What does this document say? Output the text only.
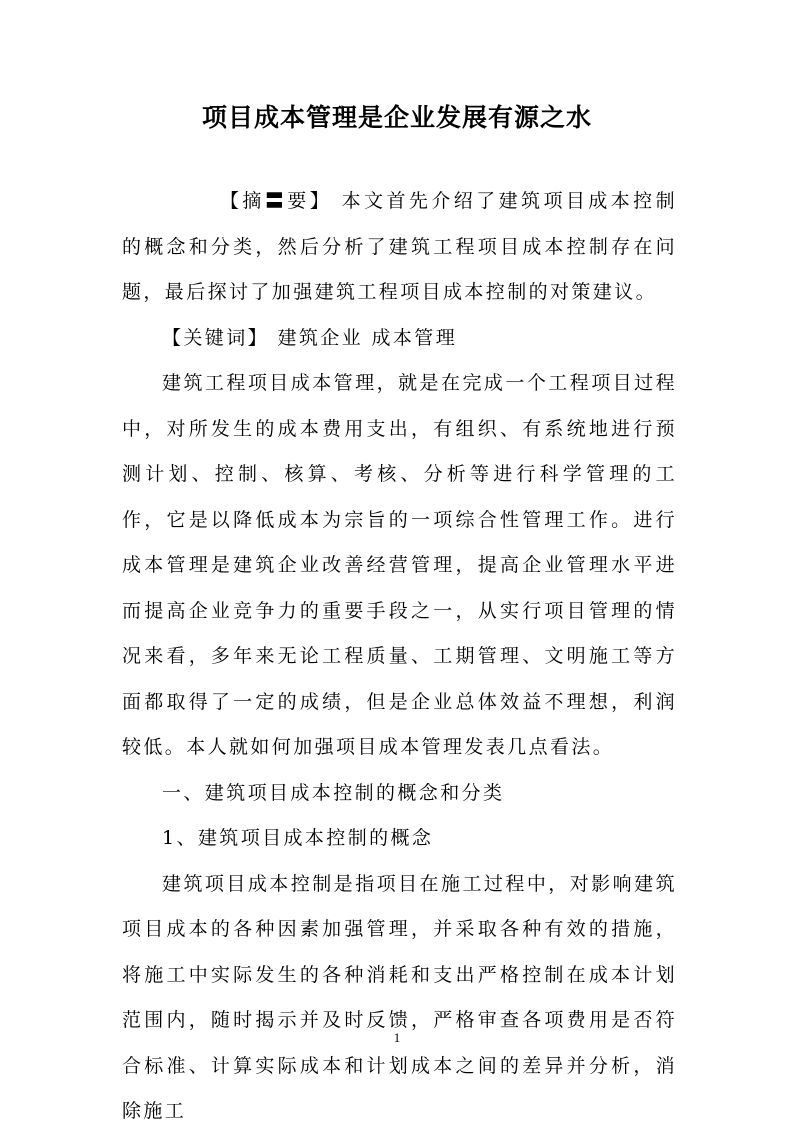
项目成本管理是企业发展有源之水

【摘〓要】 本文首先介绍了建筑项目成本控制的概念和分类，然后分析了建筑工程项目成本控制存在问题，最后探讨了加强建筑工程项目成本控制的对策建议。

【关键词】 建筑企业 成本管理

建筑工程项目成本管理，就是在完成一个工程项目过程中，对所发生的成本费用支出，有组织、有系统地进行预测计划、控制、核算、考核、分析等进行科学管理的工作，它是以降低成本为宗旨的一项综合性管理工作。进行成本管理是建筑企业改善经营管理，提高企业管理水平进而提高企业竞争力的重要手段之一，从实行项目管理的情况来看，多年来无论工程质量、工期管理、文明施工等方面都取得了一定的成绩，但是企业总体效益不理想，利润较低。本人就如何加强项目成本管理发表几点看法。

一、建筑项目成本控制的概念和分类

1、建筑项目成本控制的概念

建筑项目成本控制是指项目在施工过程中，对影响建筑项目成本的各种因素加强管理，并采取各种有效的措施，将施工中实际发生的各种消耗和支出严格控制在成本计划范围内，随时揭示并及时反馈，严格审查各项费用是否符合标准、计算实际成本和计划成本之间的差异并分析，消除施工

1
